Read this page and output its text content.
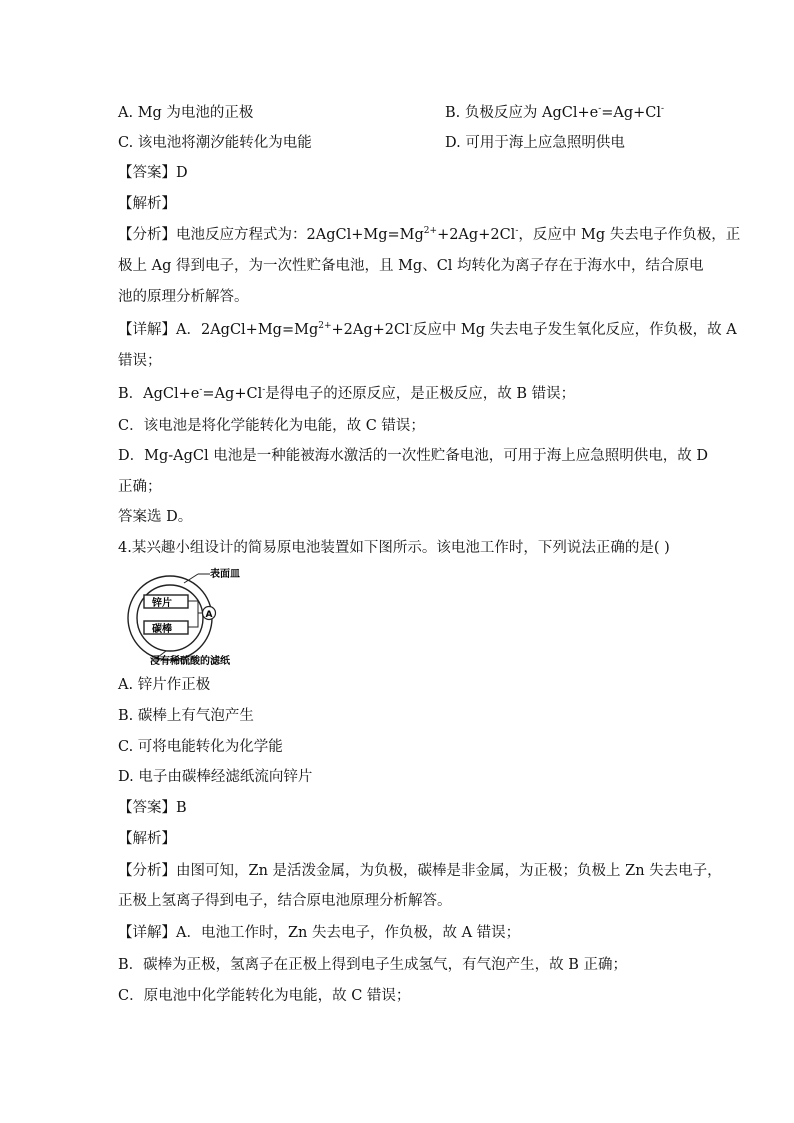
A. Mg 为电池的正极	B. 负极反应为 AgCl+e-=Ag+Cl-
C. 该电池将潮汐能转化为电能	D. 可用于海上应急照明供电
【答案】D
【解析】
【分析】电池反应方程式为：$2AgCl+Mg=Mg^{2+}+2Ag+2Cl^-$，反应中 Mg 失去电子作负极，正
极上 Ag 得到电子，为一次性贮备电池，且 Mg、Cl 均转化为离子存在于海水中，结合原电
池的原理分析解答。
【详解】A．$2AgCl+Mg=Mg^{2+}+2Ag+2Cl^-$反应中 Mg 失去电子发生氧化反应，作负极，故 A
错误；
B．AgCl+e-=Ag+Cl-是得电子的还原反应，是正极反应，故 B 错误；
C．该电池是将化学能转化为电能，故 C 错误；
D．Mg-AgCl 电池是一种能被海水激活的一次性贮备电池，可用于海上应急照明供电，故 D
正确；
答案选 D。
4.某兴趣小组设计的简易原电池装置如下图所示。该电池工作时，下列说法正确的是( )
表面皿
锌片
碳棒
A
浸有稀硫酸的滤纸
A. 锌片作正极
B. 碳棒上有气泡产生
C. 可将电能转化为化学能
D. 电子由碳棒经滤纸流向锌片
【答案】B
【解析】
【分析】由图可知，Zn 是活泼金属，为负极，碳棒是非金属，为正极；负极上 Zn 失去电子，
正极上氢离子得到电子，结合原电池原理分析解答。
【详解】A．电池工作时，Zn 失去电子，作负极，故 A 错误；
B．碳棒为正极，氢离子在正极上得到电子生成氢气，有气泡产生，故 B 正确；
C．原电池中化学能转化为电能，故 C 错误；
